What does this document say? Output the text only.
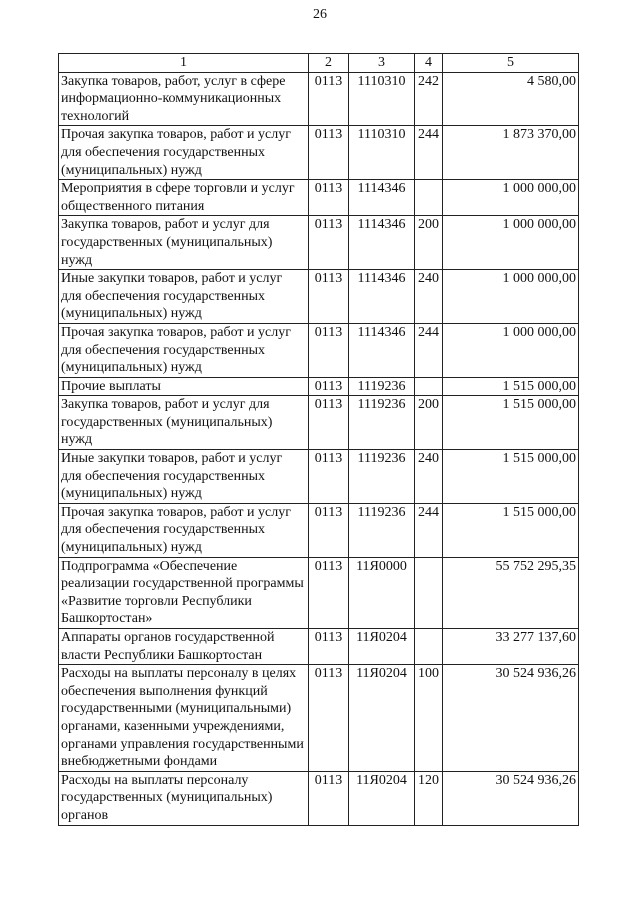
26
1	2	3	4	5
Закупка товаров, работ, услуг в сфере информационно-коммуникационных технологий	0113	1110310	242	4 580,00
Прочая закупка товаров, работ и услуг для обеспечения государственных (муниципальных) нужд	0113	1110310	244	1 873 370,00
Мероприятия в сфере торговли и услуг общественного питания	0113	1114346		1 000 000,00
Закупка товаров, работ и услуг для государственных (муниципальных) нужд	0113	1114346	200	1 000 000,00
Иные закупки товаров, работ и услуг для обеспечения государственных (муниципальных) нужд	0113	1114346	240	1 000 000,00
Прочая закупка товаров, работ и услуг для обеспечения государственных (муниципальных) нужд	0113	1114346	244	1 000 000,00
Прочие выплаты	0113	1119236		1 515 000,00
Закупка товаров, работ и услуг для государственных (муниципальных) нужд	0113	1119236	200	1 515 000,00
Иные закупки товаров, работ и услуг для обеспечения государственных (муниципальных) нужд	0113	1119236	240	1 515 000,00
Прочая закупка товаров, работ и услуг для обеспечения государственных (муниципальных) нужд	0113	1119236	244	1 515 000,00
Подпрограмма «Обеспечение реализации государственной программы «Развитие торговли Республики Башкортостан»	0113	11Я0000		55 752 295,35
Аппараты органов государственной власти Республики Башкортостан	0113	11Я0204		33 277 137,60
Расходы на выплаты персоналу в целях обеспечения выполнения функций государственными (муниципальными) органами, казенными учреждениями, органами управления государственными внебюджетными фондами	0113	11Я0204	100	30 524 936,26
Расходы на выплаты персоналу государственных (муниципальных) органов	0113	11Я0204	120	30 524 936,26
